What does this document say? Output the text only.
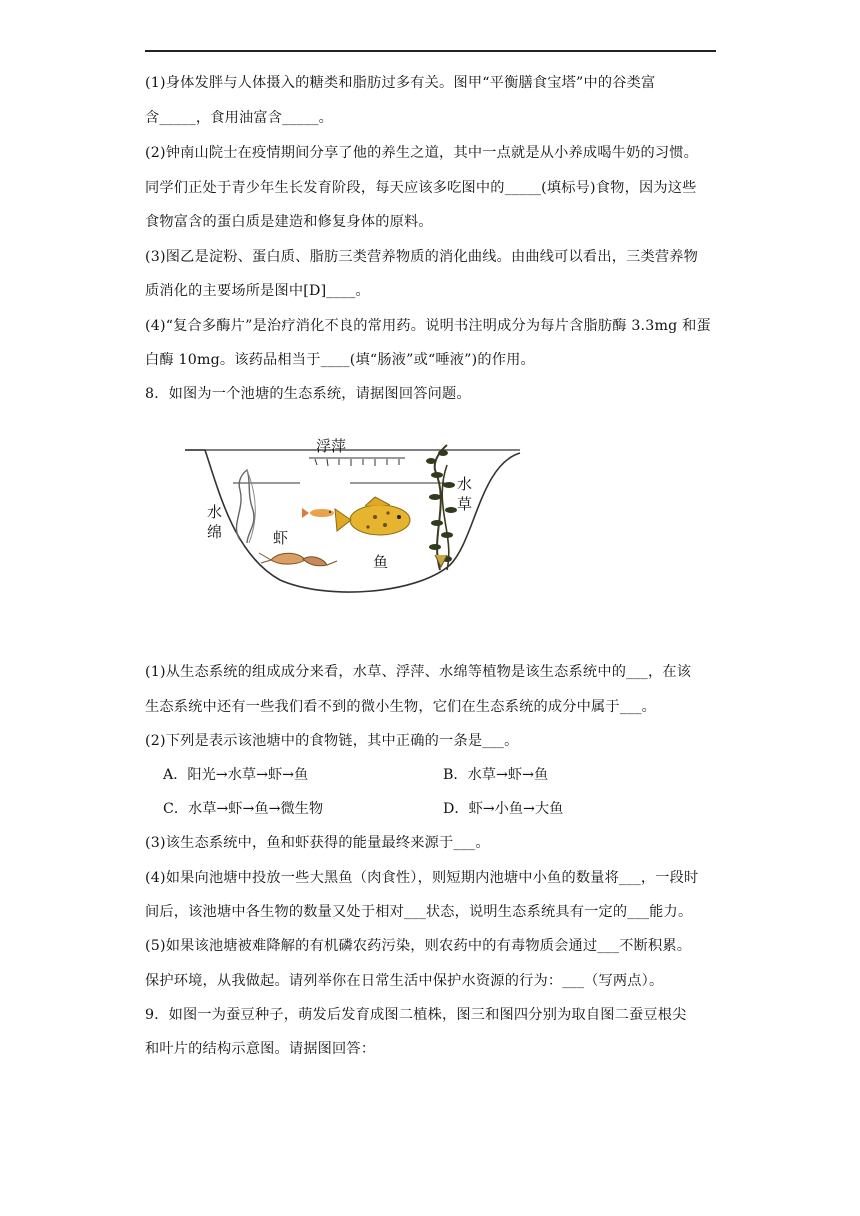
(1)身体发胖与人体摄入的糖类和脂肪过多有关。图甲“平衡膳食宝塔”中的谷类富
含_____，食用油富含_____。
(2)钟南山院士在疫情期间分享了他的养生之道，其中一点就是从小养成喝牛奶的习惯。
同学们正处于青少年生长发育阶段，每天应该多吃图中的_____(填标号)食物，因为这些
食物富含的蛋白质是建造和修复身体的原料。
(3)图乙是淀粉、蛋白质、脂肪三类营养物质的消化曲线。由曲线可以看出，三类营养物
质消化的主要场所是图中[D]____。
(4)“复合多酶片”是治疗消化不良的常用药。说明书注明成分为每片含脂肪酶 3.3mg 和蛋
白酶 10mg。该药品相当于____(填“肠液”或“唾液”)的作用。
8．如图为一个池塘的生态系统，请据图回答问题。
浮萍
水
草
水
绵	虾
鱼
(1)从生态系统的组成成分来看，水草、浮萍、水绵等植物是该生态系统中的___，在该
生态系统中还有一些我们看不到的微小生物，它们在生态系统的成分中属于___。
(2)下列是表示该池塘中的食物链，其中正确的一条是___。
A．阳光→水草→虾→鱼	B．水草→虾→鱼
C．水草→虾→鱼→微生物	D．虾→小鱼→大鱼
(3)该生态系统中，鱼和虾获得的能量最终来源于___。
(4)如果向池塘中投放一些大黑鱼（肉食性），则短期内池塘中小鱼的数量将___，一段时
间后，该池塘中各生物的数量又处于相对___状态，说明生态系统具有一定的___能力。
(5)如果该池塘被难降解的有机磷农药污染，则农药中的有毒物质会通过___不断积累。
保护环境，从我做起。请列举你在日常生活中保护水资源的行为：___（写两点）。
9．如图一为蚕豆种子，萌发后发育成图二植株，图三和图四分别为取自图二蚕豆根尖
和叶片的结构示意图。请据图回答：
